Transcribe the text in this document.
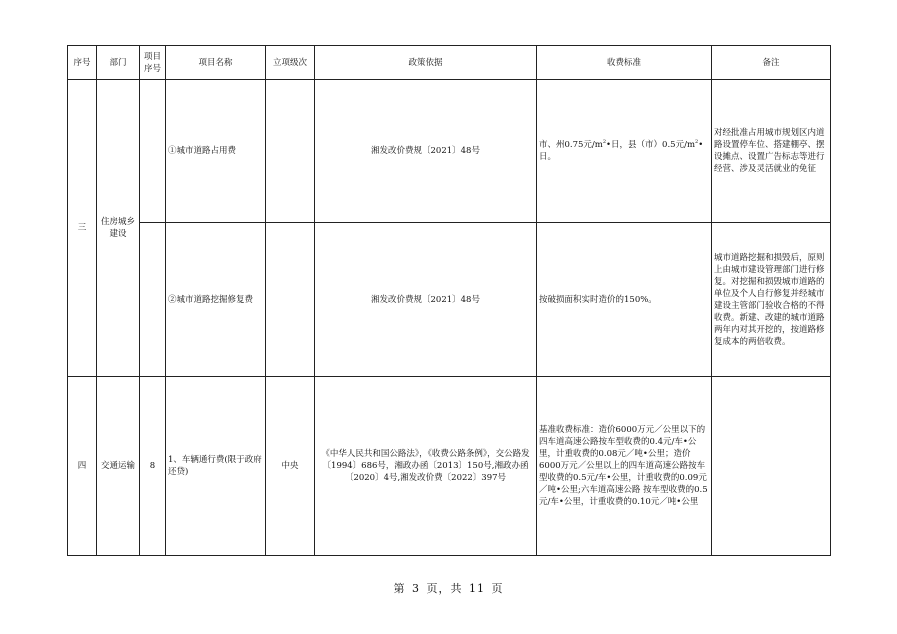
序号	部门	项目序号	项目名称	立项级次	政策依据	收费标准	备注
三	住房城乡建设		①城市道路占用费		湘发改价费规〔2021〕48号	市、州0.75元$/m^2•$日，县（市）0.5元$/m^2•$日。	对经批准占用城市规划区内道路设置停车位、搭建棚亭、摆设摊点、设置广告标志等进行经营、涉及灵活就业的免征
			②城市道路挖掘修复费		湘发改价费规〔2021〕48号	按破损面积实时造价的150%。	城市道路挖掘和损毁后，原则上由城市建设管理部门进行修复。对挖掘和损毁城市道路的单位及个人自行修复并经城市建设主管部门验收合格的不得收费。新建、改建的城市道路两年内对其开挖的，按道路修复成本的两倍收费。
四	交通运输	8	1、车辆通行费(限于政府还贷)	中央	《中华人民共和国公路法》，《收费公路条例》，交公路发〔1994〕686号，湘政办函〔2013〕150号,湘政办函〔2020〕4号,湘发改价费〔2022〕397号	基准收费标准：造价6000万元／公里以下的四车道高速公路按车型收费的0.4元/车•公里，计重收费的0.08元／吨•公里；造价6000万元／公里以上的四车道高速公路按车型收费的0.5元/车•公里，计重收费的0.09元／吨•公里;六车道高速公路 按车型收费的0.5元/车•公里，计重收费的0.10元／吨•公里	
第 3 页，共 11 页
